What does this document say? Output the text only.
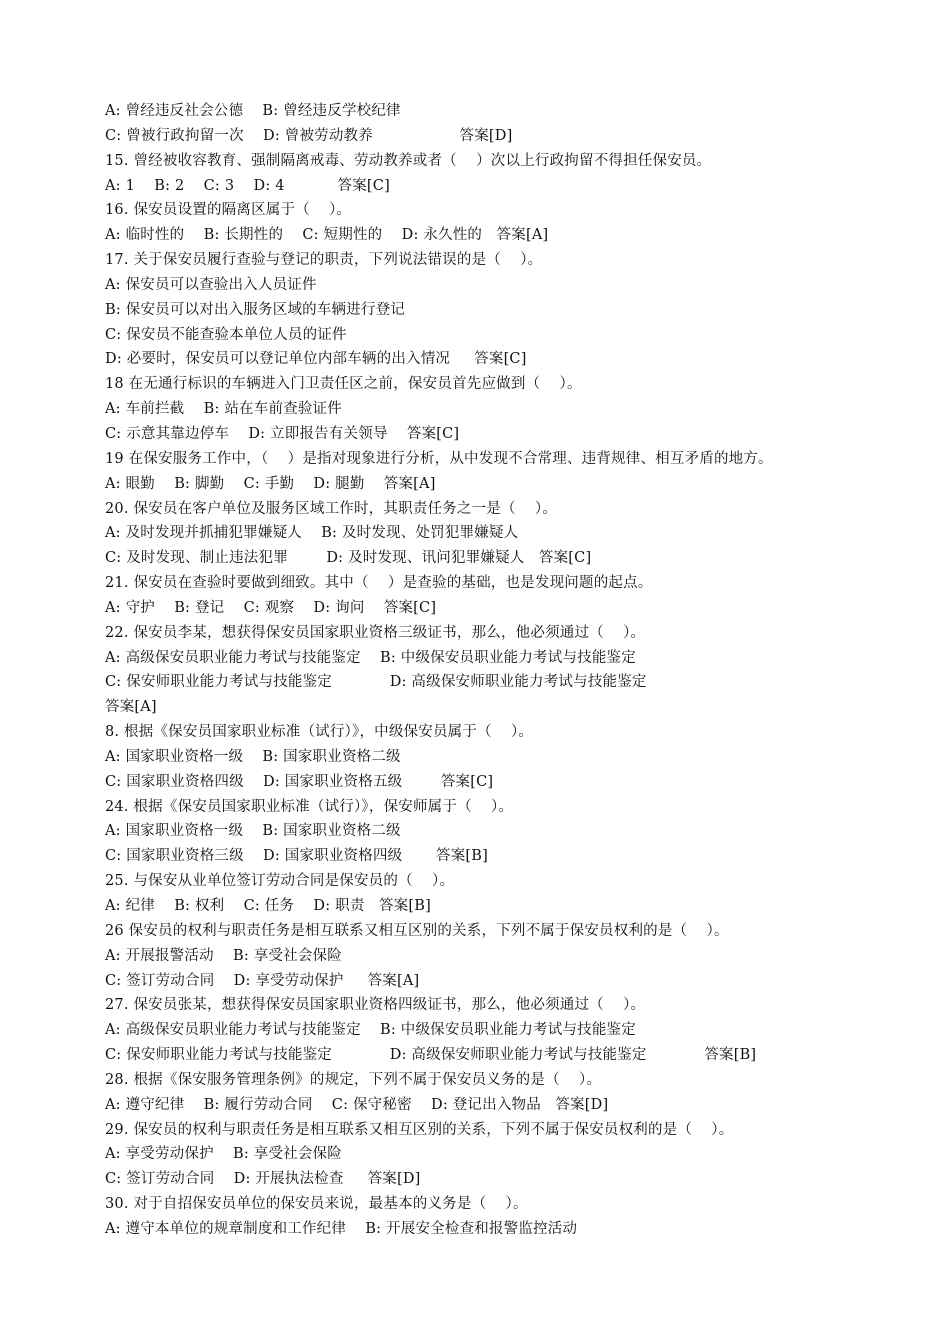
A: 曾经违反社会公德    B: 曾经违反学校纪律
C: 曾被行政拘留一次    D: 曾被劳动教养                  答案[D]
15. 曾经被收容教育、强制隔离戒毒、劳动教养或者（    ）次以上行政拘留不得担任保安员。
A: 1    B: 2    C: 3    D: 4           答案[C]
16. 保安员设置的隔离区属于（    ）。
A: 临时性的    B: 长期性的    C: 短期性的    D: 永久性的   答案[A]
17. 关于保安员履行查验与登记的职责，下列说法错误的是（    ）。
A: 保安员可以查验出入人员证件
B: 保安员可以对出入服务区域的车辆进行登记
C: 保安员不能查验本单位人员的证件
D: 必要时，保安员可以登记单位内部车辆的出入情况     答案[C]
18 在无通行标识的车辆进入门卫责任区之前，保安员首先应做到（    ）。
A: 车前拦截    B: 站在车前查验证件
C: 示意其靠边停车    D: 立即报告有关领导    答案[C]
19 在保安服务工作中，（    ）是指对现象进行分析，从中发现不合常理、违背规律、相互矛盾的地方。
A: 眼勤    B: 脚勤    C: 手勤    D: 腿勤    答案[A]
20. 保安员在客户单位及服务区域工作时，其职责任务之一是（    ）。
A: 及时发现并抓捕犯罪嫌疑人    B: 及时发现、处罚犯罪嫌疑人
C: 及时发现、制止违法犯罪        D: 及时发现、讯问犯罪嫌疑人   答案[C]
21. 保安员在查验时要做到细致。其中（    ）是查验的基础，也是发现问题的起点。
A: 守护    B: 登记    C: 观察    D: 询问    答案[C]
22. 保安员李某，想获得保安员国家职业资格三级证书，那么，他必须通过（    ）。
A: 高级保安员职业能力考试与技能鉴定    B: 中级保安员职业能力考试与技能鉴定
C: 保安师职业能力考试与技能鉴定            D: 高级保安师职业能力考试与技能鉴定
答案[A]
8. 根据《保安员国家职业标准（试行）》，中级保安员属于（    ）。
A: 国家职业资格一级    B: 国家职业资格二级
C: 国家职业资格四级    D: 国家职业资格五级        答案[C]
24. 根据《保安员国家职业标准（试行）》，保安师属于（    ）。
A: 国家职业资格一级    B: 国家职业资格二级
C: 国家职业资格三级    D: 国家职业资格四级       答案[B]
25. 与保安从业单位签订劳动合同是保安员的（    ）。
A: 纪律    B: 权利    C: 任务    D: 职责   答案[B]
26 保安员的权利与职责任务是相互联系又相互区别的关系，下列不属于保安员权利的是（    ）。
A: 开展报警活动    B: 享受社会保险
C: 签订劳动合同    D: 享受劳动保护     答案[A]
27. 保安员张某，想获得保安员国家职业资格四级证书，那么，他必须通过（    ）。
A: 高级保安员职业能力考试与技能鉴定    B: 中级保安员职业能力考试与技能鉴定
C: 保安师职业能力考试与技能鉴定            D: 高级保安师职业能力考试与技能鉴定            答案[B]
28. 根据《保安服务管理条例》的规定，下列不属于保安员义务的是（    ）。
A: 遵守纪律    B: 履行劳动合同    C: 保守秘密    D: 登记出入物品   答案[D]
29. 保安员的权利与职责任务是相互联系又相互区别的关系，下列不属于保安员权利的是（    ）。
A: 享受劳动保护    B: 享受社会保险
C: 签订劳动合同    D: 开展执法检查     答案[D]
30. 对于自招保安员单位的保安员来说，最基本的义务是（    ）。
A: 遵守本单位的规章制度和工作纪律    B: 开展安全检查和报警监控活动
